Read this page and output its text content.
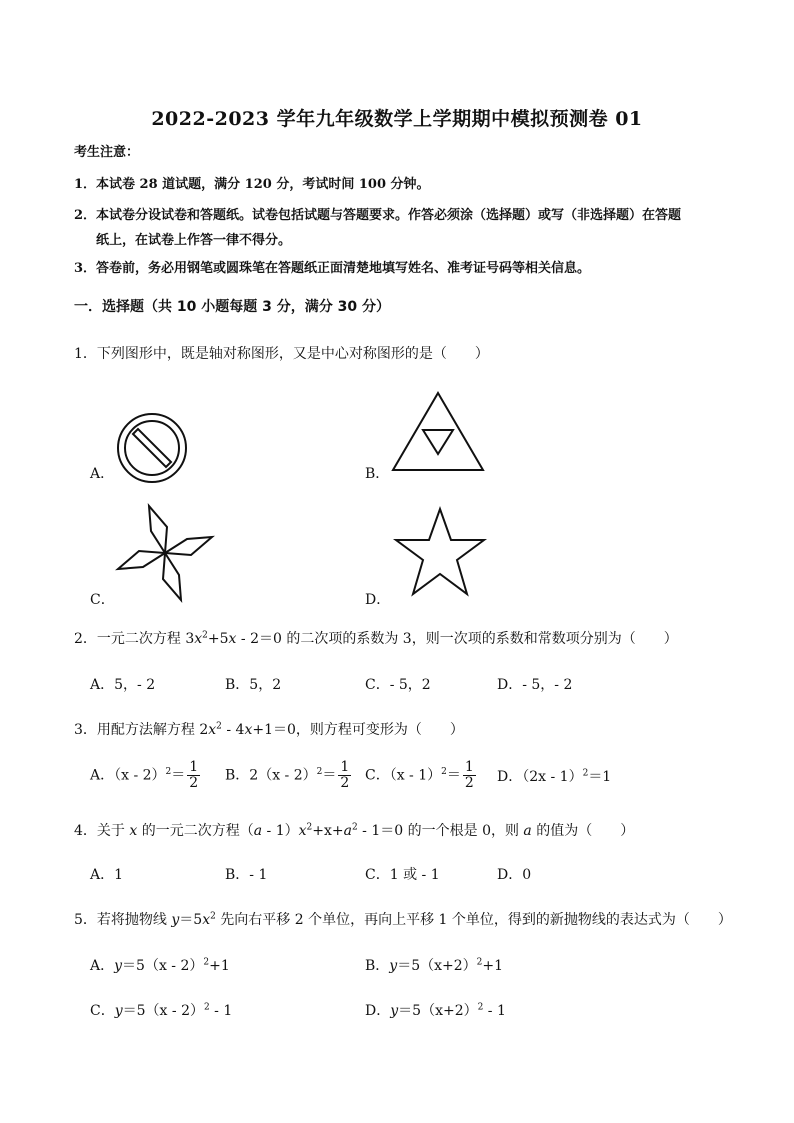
2022-2023 学年九年级数学上学期期中模拟预测卷 01
考生注意：
1．本试卷 28 道试题，满分 120 分，考试时间 100 分钟。
2．本试卷分设试卷和答题纸。试卷包括试题与答题要求。作答必须涂（选择题）或写（非选择题）在答题
纸上，在试卷上作答一律不得分。
3．答卷前，务必用钢笔或圆珠笔在答题纸正面清楚地填写姓名、准考证号码等相关信息。
一．选择题（共 10 小题每题 3 分，满分 30 分）
1．下列图形中，既是轴对称图形，又是中心对称图形的是（　　）
A．	B．
C．	D．
2．一元二次方程 $3x^2+5x - 2=0$ 的二次项的系数为 3，则一次项的系数和常数项分别为（　　）
A．5，- 2	B．5，2	C．- 5，2	D．- 5，- 2
3．用配方法解方程 $2x^2 - 4x+1=0$，则方程可变形为（　　）
A．$(x - 2)^2= \frac{1}{2}$ B．$2(x - 2)^2= \frac{1}{2}$ C．$(x - 1)^2= \frac{1}{2}$ D．（2x - 1）$^2$＝1
4．关于 x 的一元二次方程$(a - 1)x^2+x+a^2 - 1=0$ 的一个根是 0，则 a 的值为（　　）
A．1	B．- 1	C．1 或 - 1	D．0
5．若将抛物线 $y=5x^2$ 先向右平移 2 个单位，再向上平移 1 个单位，得到的新抛物线的表达式为（　　）
A．y＝5（x - 2）$^2$+1	B．$y=5(x+2)^2+1$
C．y＝5（x - 2）$^2$ - 1	D．$y=5(x+2)^2 - 1$
